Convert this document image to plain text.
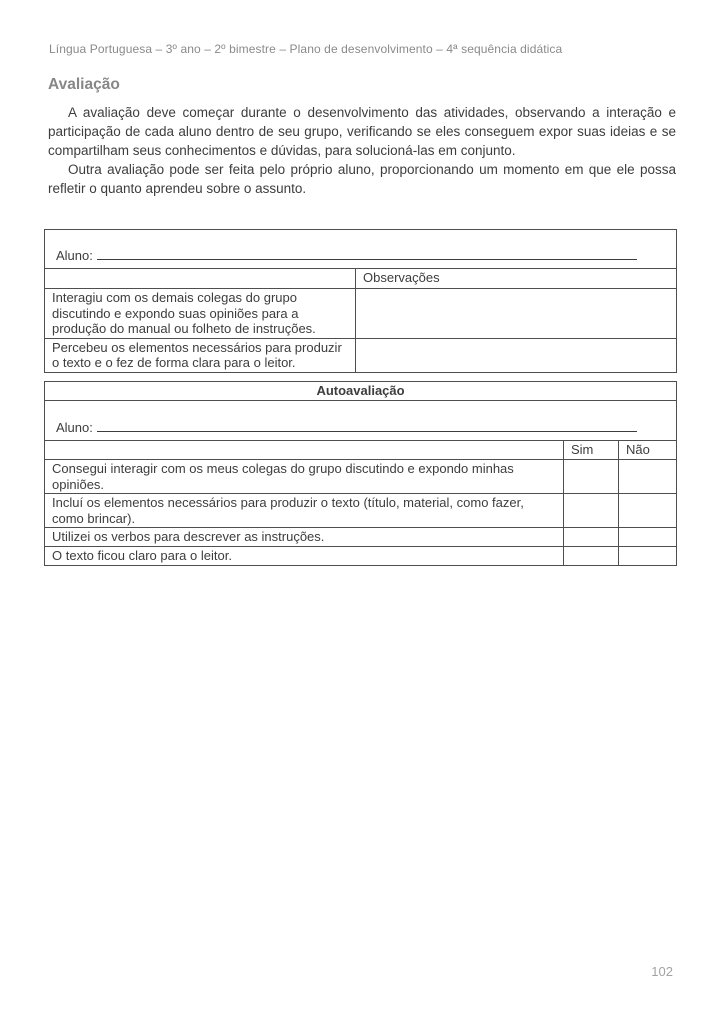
Língua Portuguesa – 3º ano – 2º bimestre – Plano de desenvolvimento – 4ª sequência didática
Avaliação

A avaliação deve começar durante o desenvolvimento das atividades, observando a interação e participação de cada aluno dentro de seu grupo, verificando se eles conseguem expor suas ideias e se compartilham seus conhecimentos e dúvidas, para solucioná-las em conjunto.

Outra avaliação pode ser feita pelo próprio aluno, proporcionando um momento em que ele possa refletir o quanto aprendeu sobre o assunto.

Aluno:	

	Observações
Interagiu com os demais colegas do grupo discutindo e expondo suas opiniões para a produção do manual ou folheto de instruções.	
Percebeu os elementos necessários para produzir o texto e o fez de forma clara para o leitor.	
Autoavaliação		

Aluno:		

	Sim	Não
Consegui interagir com os meus colegas do grupo discutindo e expondo minhas opiniões.		
Incluí os elementos necessários para produzir o texto (título, material, como fazer, como brincar).		
Utilizei os verbos para descrever as instruções.		
O texto ficou claro para o leitor.		
102
